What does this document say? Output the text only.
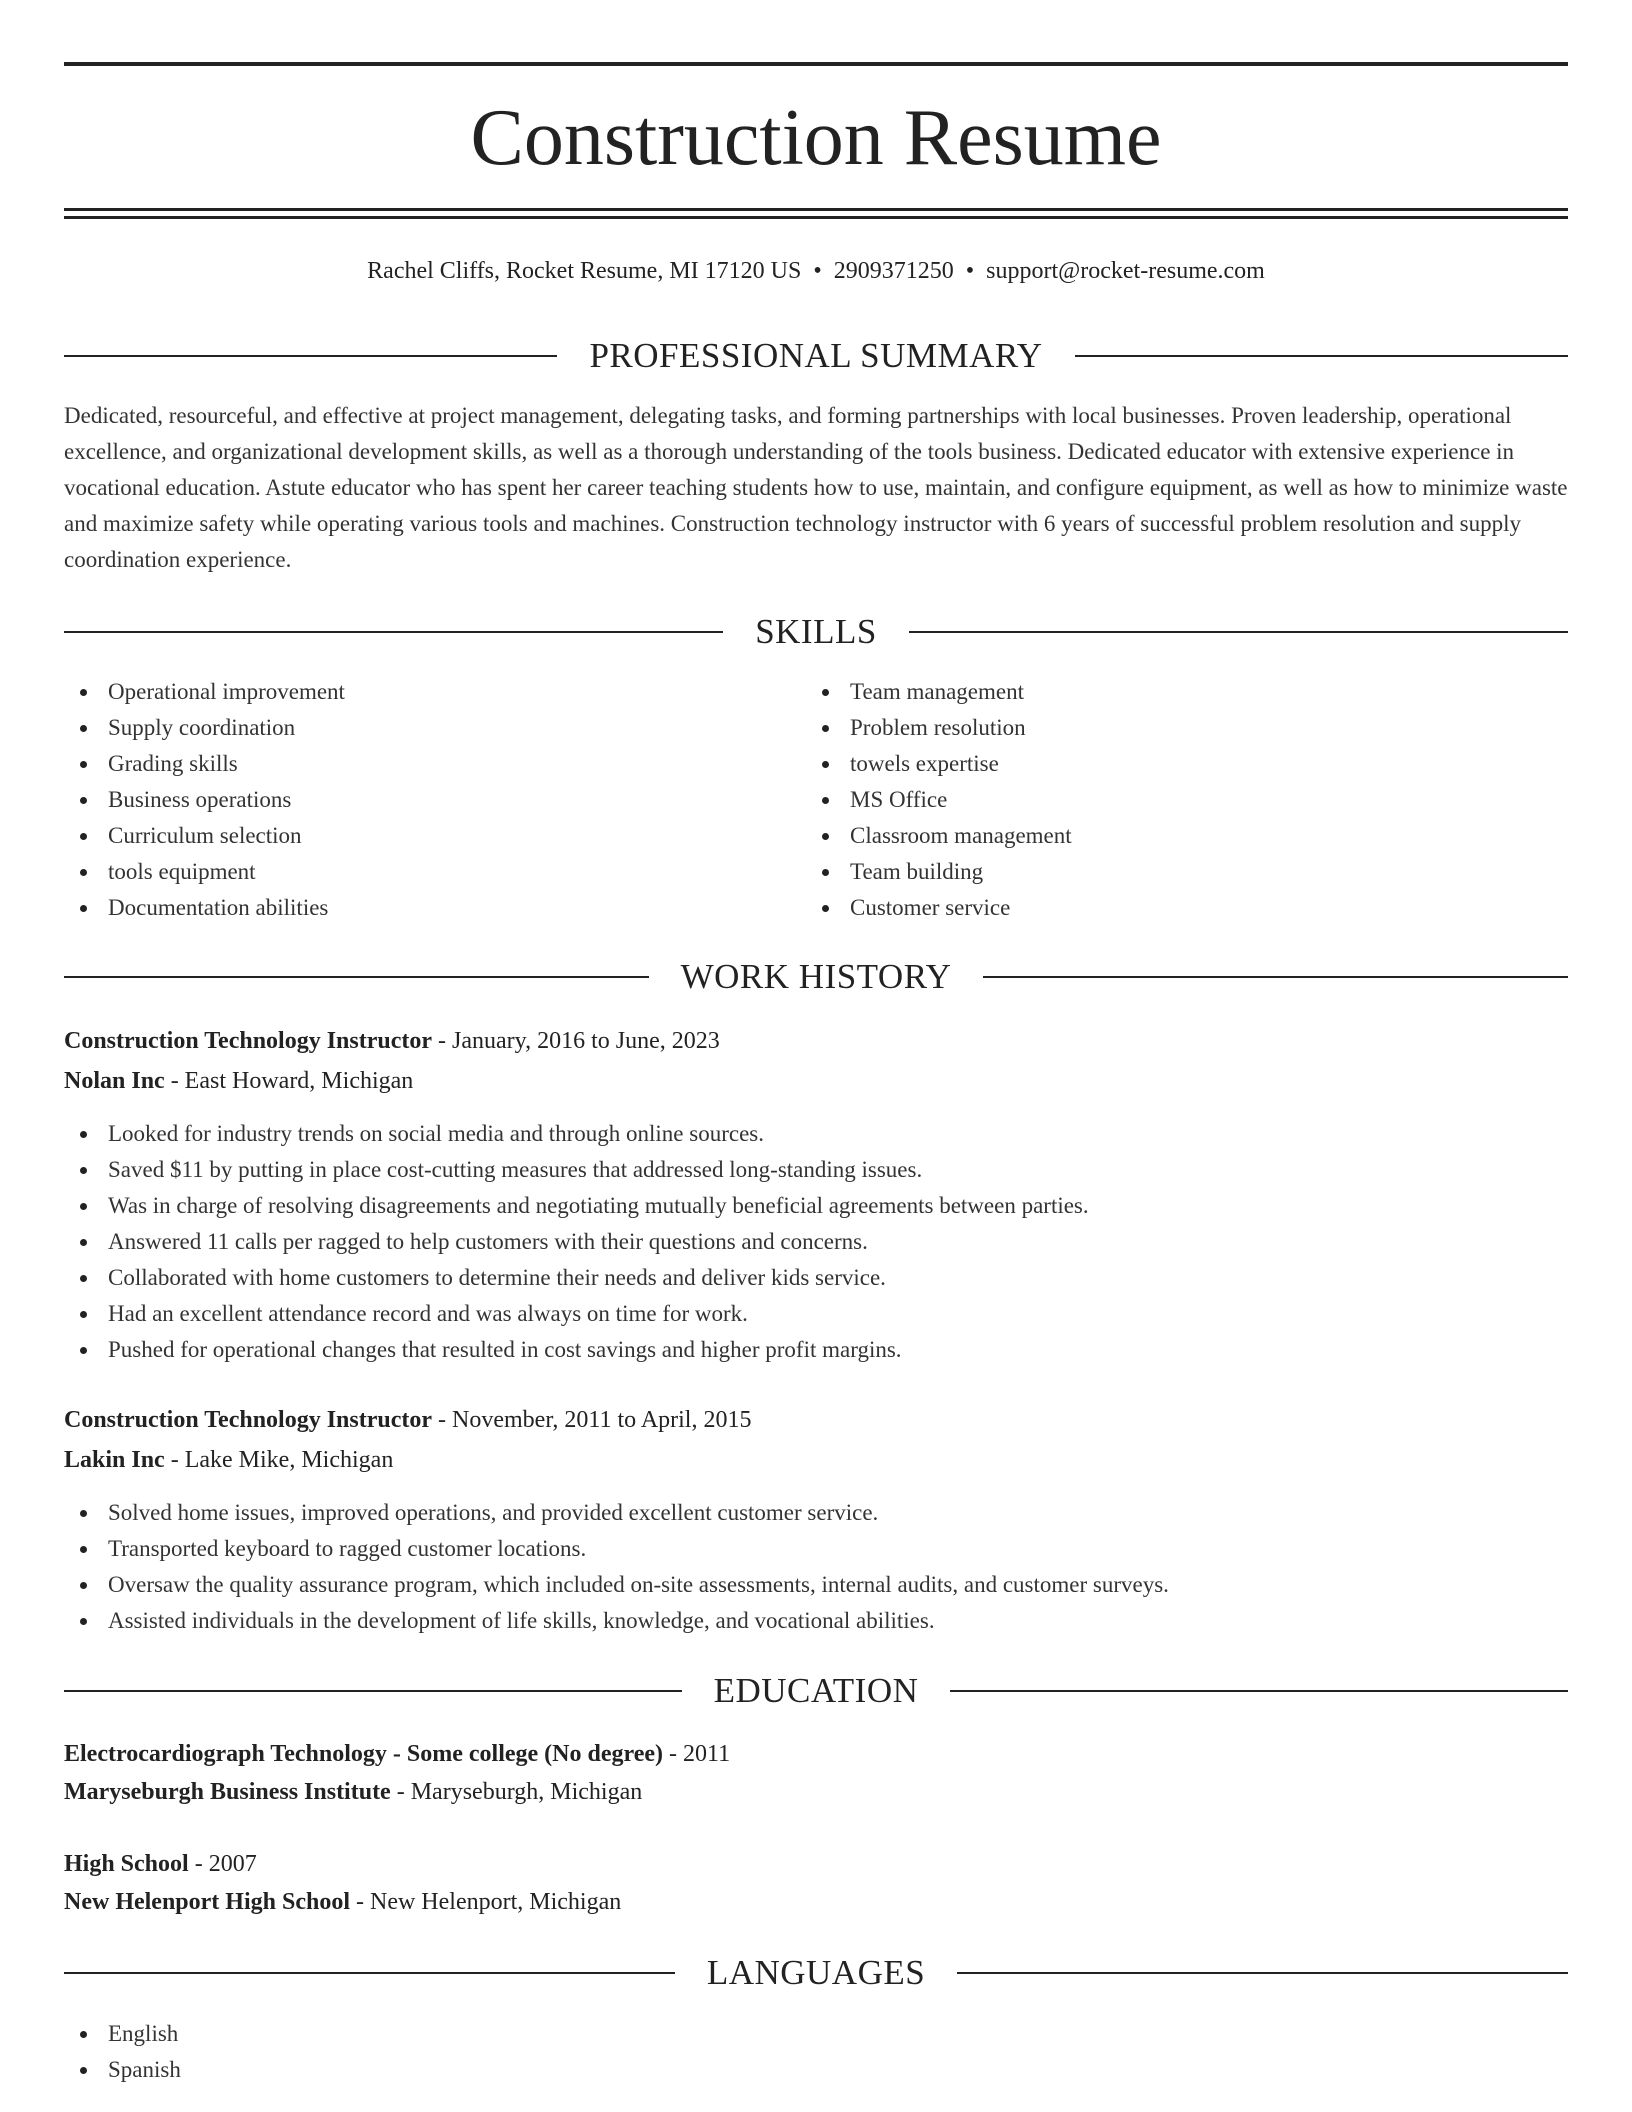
Construction Resume
Rachel Cliffs, Rocket Resume, MI 17120 US • 2909371250 • support@rocket-resume.com
PROFESSIONAL SUMMARY

Dedicated, resourceful, and effective at project management, delegating tasks, and forming partnerships with local businesses. Proven leadership, operational excellence, and organizational development skills, as well as a thorough understanding of the tools business. Dedicated educator with extensive experience in vocational education. Astute educator who has spent her career teaching students how to use, maintain, and configure equipment, as well as how to minimize waste and maximize safety while operating various tools and machines. Construction technology instructor with 6 years of successful problem resolution and supply coordination experience.

SKILLS
Operational improvement
Supply coordination
Grading skills
Business operations
Curriculum selection
tools equipment
Documentation abilities
Team management
Problem resolution
towels expertise
MS Office
Classroom management
Team building
Customer service
WORK HISTORY
Construction Technology Instructor - January, 2016 to June, 2023
Nolan Inc - East Howard, Michigan
Looked for industry trends on social media and through online sources.
Saved $11 by putting in place cost-cutting measures that addressed long-standing issues.
Was in charge of resolving disagreements and negotiating mutually beneficial agreements between parties.
Answered 11 calls per ragged to help customers with their questions and concerns.
Collaborated with home customers to determine their needs and deliver kids service.
Had an excellent attendance record and was always on time for work.
Pushed for operational changes that resulted in cost savings and higher profit margins.
Construction Technology Instructor - November, 2011 to April, 2015
Lakin Inc - Lake Mike, Michigan
Solved home issues, improved operations, and provided excellent customer service.
Transported keyboard to ragged customer locations.
Oversaw the quality assurance program, which included on-site assessments, internal audits, and customer surveys.
Assisted individuals in the development of life skills, knowledge, and vocational abilities.
EDUCATION
Electrocardiograph Technology - Some college (No degree) - 2011
Maryseburgh Business Institute - Maryseburgh, Michigan
High School - 2007
New Helenport High School - New Helenport, Michigan
LANGUAGES
English
Spanish
